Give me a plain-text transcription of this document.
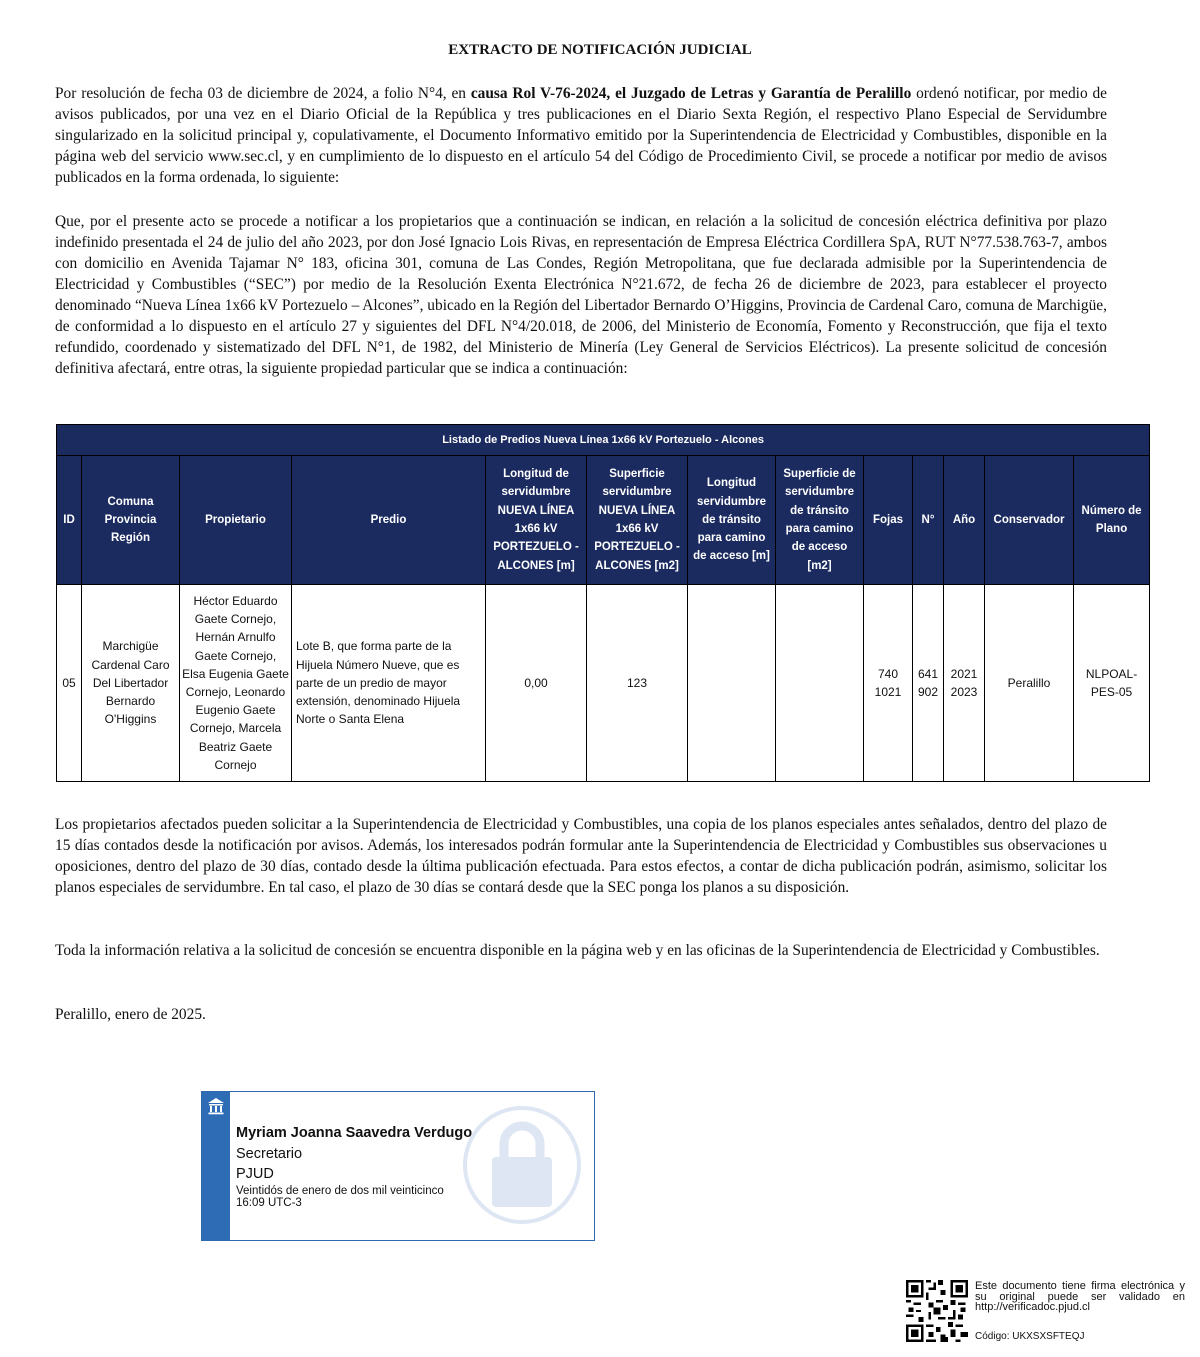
EXTRACTO DE NOTIFICACIÓN JUDICIAL

Por resolución de fecha 03 de diciembre de 2024, a folio N°4, en causa Rol V-76-2024, el Juzgado de Letras y Garantía de Peralillo ordenó notificar, por medio de avisos publicados, por una vez en el Diario Oficial de la República y tres publicaciones en el Diario Sexta Región, el respectivo Plano Especial de Servidumbre singularizado en la solicitud principal y, copulativamente, el Documento Informativo emitido por la Superintendencia de Electricidad y Combustibles, disponible en la página web del servicio www.sec.cl, y en cumplimiento de lo dispuesto en el artículo 54 del Código de Procedimiento Civil, se procede a notificar por medio de avisos publicados en la forma ordenada, lo siguiente:

Que, por el presente acto se procede a notificar a los propietarios que a continuación se indican, en relación a la solicitud de concesión eléctrica definitiva por plazo indefinido presentada el 24 de julio del año 2023, por don José Ignacio Lois Rivas, en representación de Empresa Eléctrica Cordillera SpA, RUT N°77.538.763-7, ambos con domicilio en Avenida Tajamar N° 183, oficina 301, comuna de Las Condes, Región Metropolitana, que fue declarada admisible por la Superintendencia de Electricidad y Combustibles (“SEC”) por medio de la Resolución Exenta Electrónica N°21.672, de fecha 26 de diciembre de 2023, para establecer el proyecto denominado “Nueva Línea 1x66 kV Portezuelo – Alcones”, ubicado en la Región del Libertador Bernardo O’Higgins, Provincia de Cardenal Caro, comuna de Marchigüe, de conformidad a lo dispuesto en el artículo 27 y siguientes del DFL N°4/20.018, de 2006, del Ministerio de Economía, Fomento y Reconstrucción, que fija el texto refundido, coordenado y sistematizado del DFL N°1, de 1982, del Ministerio de Minería (Ley General de Servicios Eléctricos). La presente solicitud de concesión definitiva afectará, entre otras, la siguiente propiedad particular que se indica a continuación:

Listado de Predios Nueva Línea 1x66 kV Portezuelo - Alcones												
ID	Comuna Provincia Región	Propietario	Predio	Longitud de servidumbre NUEVA LÍNEA 1x66 kV PORTEZUELO - ALCONES [m]	Superficie servidumbre NUEVA LÍNEA 1x66 kV PORTEZUELO - ALCONES [m2]	Longitud servidumbre de tránsito para camino de acceso [m]	Superficie de servidumbre de tránsito para camino de acceso [m2]	Fojas	N°	Año	Conservador	Número de Plano
05	Marchigüe Cardenal Caro Del Libertador Bernardo O'Higgins	Héctor Eduardo Gaete Cornejo, Hernán Arnulfo Gaete Cornejo, Elsa Eugenia Gaete Cornejo, Leonardo Eugenio Gaete Cornejo, Marcela Beatriz Gaete Cornejo	Lote B, que forma parte de la Hijuela Número Nueve, que es parte de un predio de mayor extensión, denominado Hijuela Norte o Santa Elena	0,00	123			740 1021	641 902	2021 2023	Peralillo	NLPOAL-PES-05

Los propietarios afectados pueden solicitar a la Superintendencia de Electricidad y Combustibles, una copia de los planos especiales antes señalados, dentro del plazo de 15 días contados desde la notificación por avisos. Además, los interesados podrán formular ante la Superintendencia de Electricidad y Combustibles sus observaciones u oposiciones, dentro del plazo de 30 días, contado desde la última publicación efectuada. Para estos efectos, a contar de dicha publicación podrán, asimismo, solicitar los planos especiales de servidumbre. En tal caso, el plazo de 30 días se contará desde que la SEC ponga los planos a su disposición.

Toda la información relativa a la solicitud de concesión se encuentra disponible en la página web y en las oficinas de la Superintendencia de Electricidad y Combustibles.

Peralillo, enero de 2025.

Myriam Joanna Saavedra Verdugo
Secretario
PJUD
Veintidós de enero de dos mil veinticinco
16:09 UTC-3
Este documento tiene firma electrónica y su original puede ser validado en http://verificadoc.pjud.cl
Código: UKXSXSFTEQJ
